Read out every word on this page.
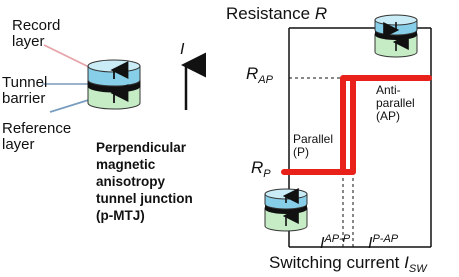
Record
layer
Tunnel
barrier
Reference
layer
I
Perpendicular
magnetic
anisotropy
tunnel junction
(p-MTJ)
Resistance R
$R_{AP}$
$R_P$
Parallel
(P)
Anti-
parallel
(AP)
$I^{AP-P}$ $I^{P-AP}$
Switching current $I_{SW}$
